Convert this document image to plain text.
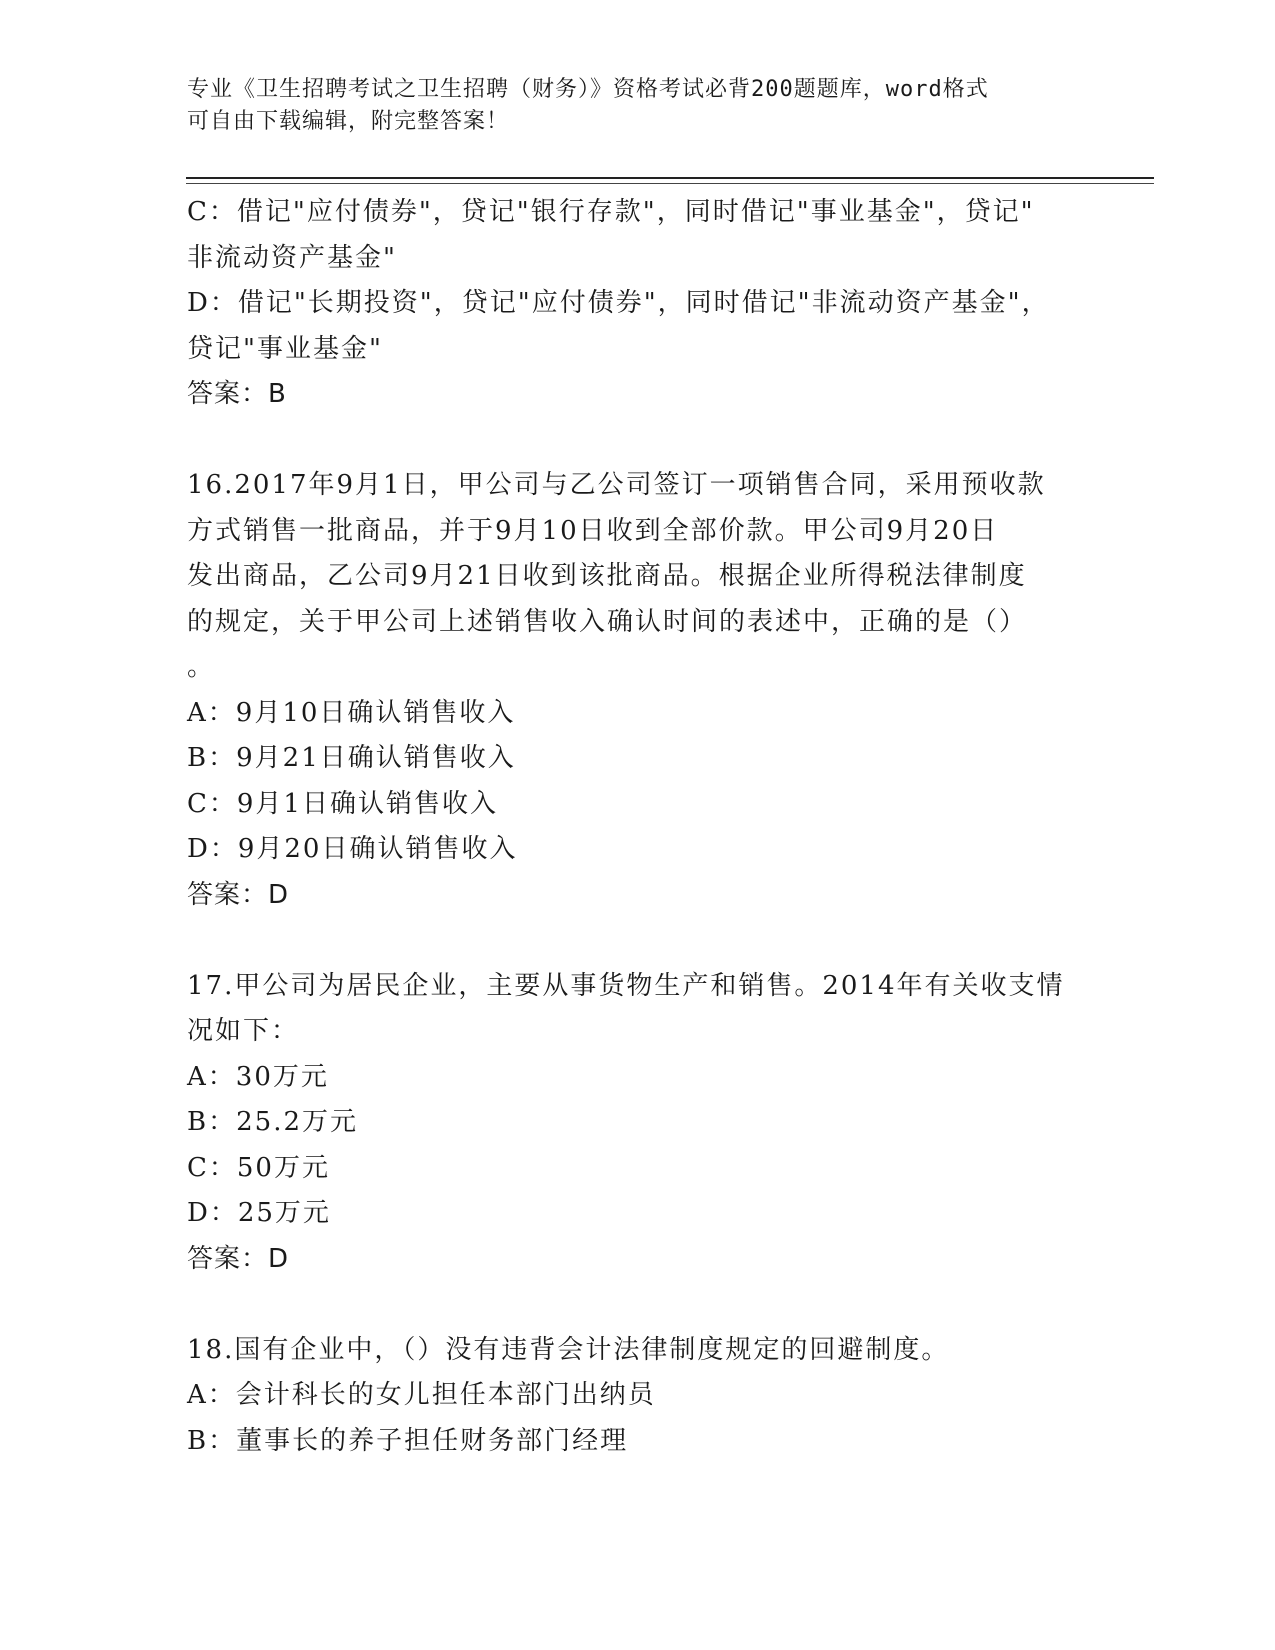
专业《卫生招聘考试之卫生招聘（财务）》资格考试必背200题题库，word格式
可自由下载编辑，附完整答案！
C：借记"应付债券"，贷记"银行存款"，同时借记"事业基金"，贷记"
非流动资产基金"
D：借记"长期投资"，贷记"应付债券"，同时借记"非流动资产基金"，
贷记"事业基金"
答案：B
16.2017年9月1日，甲公司与乙公司签订一项销售合同，采用预收款
方式销售一批商品，并于9月10日收到全部价款。甲公司9月20日
发出商品，乙公司9月21日收到该批商品。根据企业所得税法律制度
的规定，关于甲公司上述销售收入确认时间的表述中，正确的是（）
。
A：9月10日确认销售收入
B：9月21日确认销售收入
C：9月1日确认销售收入
D：9月20日确认销售收入
答案：D
17.甲公司为居民企业，主要从事货物生产和销售。2014年有关收支情
况如下：
A：30万元
B：25.2万元
C：50万元
D：25万元
答案：D
18.国有企业中，（）没有违背会计法律制度规定的回避制度。
A：会计科长的女儿担任本部门出纳员
B：董事长的养子担任财务部门经理
